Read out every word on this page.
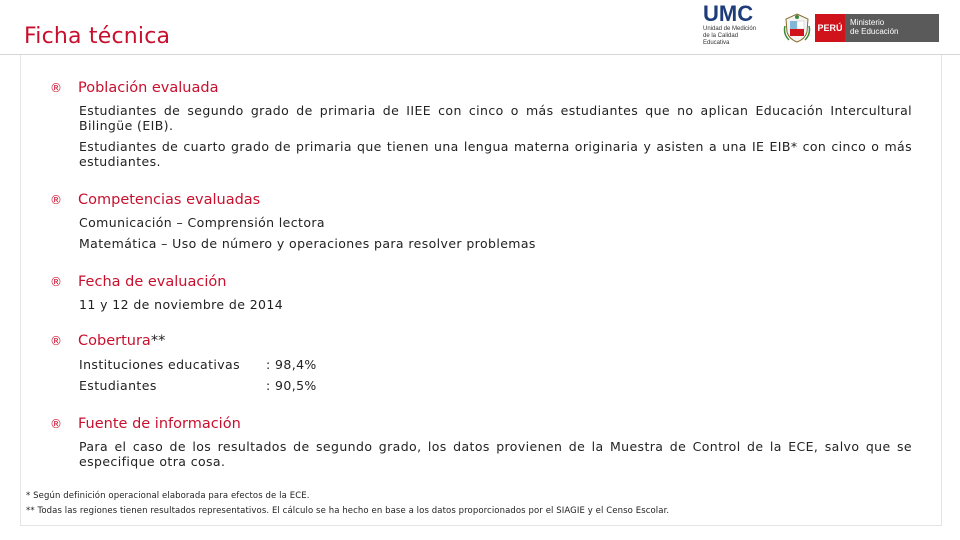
Ficha técnica
UMC
Unidad de Medición
de la Calidad Educativa
PERÚ
Ministerio
de Educación
® Población evaluada

Estudiantes de segundo grado de primaria de IIEE con cinco o más estudiantes que no aplican Educación Intercultural Bilingüe (EIB).

Estudiantes de cuarto grado de primaria que tienen una lengua materna originaria y asisten a una IE EIB* con cinco o más estudiantes.

® Competencias evaluadas
Comunicación – Comprensión lectora
Matemática – Uso de número y operaciones para resolver problemas
® Fecha de evaluación
11 y 12 de noviembre de 2014
® Cobertura**
Instituciones educativas : 98,4%
Estudiantes	: 90,5%
® Fuente de información

Para el caso de los resultados de segundo grado, los datos provienen de la Muestra de Control de la ECE, salvo que se especifique otra cosa.

* Según definición operacional elaborada para efectos de la ECE.
** Todas las regiones tienen resultados representativos. El cálculo se ha hecho en base a los datos proporcionados por el SIAGIE y el Censo Escolar.
